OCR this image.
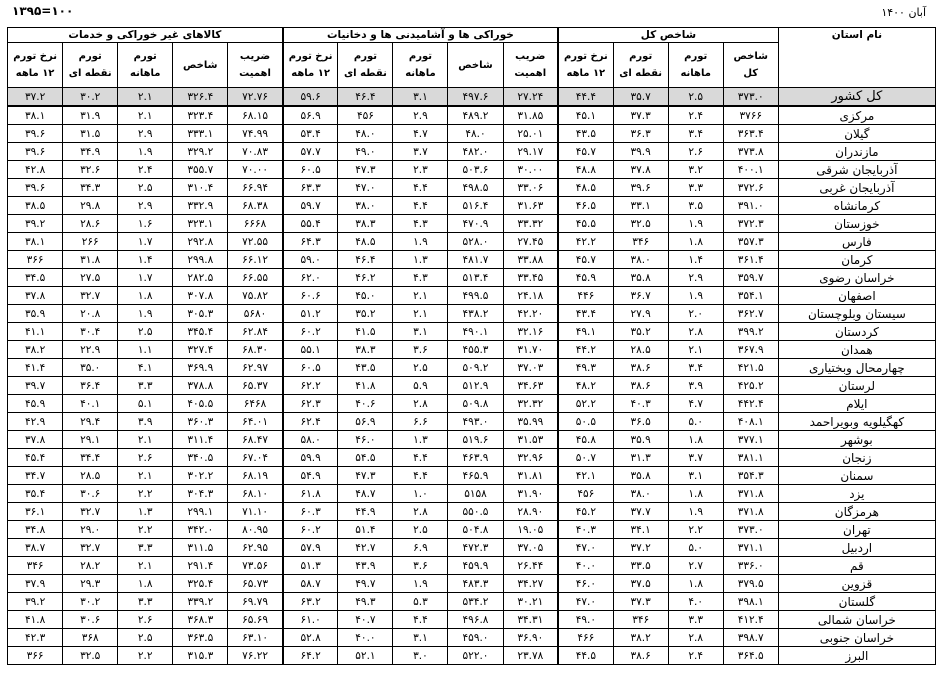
آبان ۱۴۰۰
۱۳۹۵=۱۰۰
نام استان	شاخص کل				خوراکی ها و آشامیدنی ها و دخانیات					کالاهای غیر خوراکی و خدمات				
	شاخص کل	تورم ماهانه	تورم نقطه ای	نرخ تورم ۱۲ ماهه	ضریب اهمیت	شاخص	تورم ماهانه	تورم نقطه ای	نرخ تورم ۱۲ ماهه	ضریب اهمیت	شاخص	تورم ماهانه	تورم نقطه ای	نرخ تورم ۱۲ ماهه
کل کشور	۳۷۳.۰	۲.۵	۳۵.۷	۴۴.۴	۲۷.۲۴	۴۹۷.۶	۳.۱	۴۶.۴	۵۹.۶	۷۲.۷۶	۳۲۶.۴	۲.۱	۳۰.۲	۳۷.۲
مرکزی	۳۷۶۶	۲.۴	۳۷.۳	۴۵.۱	۳۱.۸۵	۴۸۹.۲	۲.۹	۴۵۶	۵۶.۹	۶۸.۱۵	۳۲۳.۴	۲.۱	۳۱.۹	۳۸.۱
گیلان	۳۶۳.۴	۳.۴	۳۶.۳	۴۳.۵	۲۵.۰۱	۴۸.۰	۴.۷	۴۸.۰	۵۳.۴	۷۴.۹۹	۳۳۳.۱	۲.۹	۳۱.۵	۳۹.۶
مازندران	۳۷۳.۸	۲.۶	۳۹.۹	۴۵.۷	۲۹.۱۷	۴۸۲.۰	۳.۷	۴۹.۰	۵۷.۷	۷۰.۸۳	۳۲۹.۲	۱.۹	۳۴.۹	۳۹.۶
آذربایجان شرقی	۴۰۰.۱	۳.۲	۳۷.۸	۴۸.۸	۳۰.۰۰	۵۰۳.۶	۲.۳	۴۷.۳	۶۰.۵	۷۰.۰۰	۳۵۵.۷	۲.۴	۳۲.۶	۴۲.۸
آذربایجان غربی	۳۷۲.۶	۳.۳	۳۹.۶	۴۸.۵	۳۳.۰۶	۴۹۸.۵	۴.۴	۴۷.۰	۶۳.۳	۶۶.۹۴	۳۱۰.۴	۲.۵	۳۴.۳	۳۹.۶
کرمانشاه	۳۹۱.۰	۳.۵	۳۳.۱	۴۶.۵	۳۱.۶۳	۵۱۶.۴	۴.۴	۳۸.۰	۵۹.۷	۶۸.۳۸	۳۳۲.۹	۲.۹	۲۹.۸	۳۸.۵
خوزستان	۳۷۲.۳	۱.۹	۳۲.۵	۴۵.۵	۳۳.۳۲	۴۷۰.۹	۴.۳	۳۸.۳	۵۵.۴	۶۶۶۸	۳۲۳.۱	۱.۶	۲۸.۶	۳۹.۲
فارس	۳۵۷.۳	۱.۸	۳۴۶	۴۲.۲	۲۷.۴۵	۵۲۸.۰	۱.۹	۴۸.۵	۶۴.۳	۷۲.۵۵	۲۹۲.۸	۱.۷	۲۶۶	۳۸.۱
کرمان	۳۶۱.۴	۱.۴	۳۸.۰	۴۵.۷	۳۳.۸۸	۴۸۱.۷	۱.۳	۴۶.۴	۵۹.۰	۶۶.۱۲	۲۹۹.۸	۱.۴	۳۱.۸	۳۶۶
خراسان رضوی	۳۵۹.۷	۲.۹	۳۵.۸	۴۵.۹	۳۳.۴۵	۵۱۳.۴	۴.۳	۴۶.۲	۶۲.۰	۶۶.۵۵	۲۸۲.۵	۱.۷	۲۷.۵	۳۴.۵
اصفهان	۳۵۴.۱	۱.۹	۳۶.۷	۴۴۶	۲۴.۱۸	۴۹۹.۵	۲.۱	۴۵.۰	۶۰.۶	۷۵.۸۲	۳۰۷.۸	۱.۸	۳۲.۷	۳۷.۸
سیستان وبلوچستان	۳۶۲.۷	۲.۰	۲۷.۹	۴۳.۴	۴۲.۲۰	۴۳۸.۲	۲.۱	۳۵.۲	۵۱.۲	۵۶۸۰	۳۰۵.۳	۱.۹	۲۰.۸	۳۵.۹
کردستان	۳۹۹.۲	۲.۸	۳۵.۲	۴۹.۱	۳۲.۱۶	۴۹۰.۱	۳.۱	۴۱.۵	۶۰.۲	۶۲.۸۴	۳۴۵.۴	۲.۵	۳۰.۴	۴۱.۱
همدان	۳۶۷.۹	۲.۱	۲۸.۵	۴۴.۲	۳۱.۷۰	۴۵۵.۳	۳.۶	۳۸.۳	۵۵.۱	۶۸.۳۰	۳۲۷.۴	۱.۱	۲۲.۹	۳۸.۲
چهارمحال وبختیاری	۴۲۱.۵	۳.۴	۳۸.۶	۴۹.۳	۳۷.۰۳	۵۰۹.۲	۲.۵	۴۳.۵	۶۰.۵	۶۲.۹۷	۳۶۹.۹	۴.۱	۳۵.۰	۴۱.۴
لرستان	۴۲۵.۲	۳.۹	۳۸.۶	۴۸.۲	۳۴.۶۳	۵۱۲.۹	۵.۹	۴۱.۸	۶۲.۲	۶۵.۳۷	۳۷۸.۸	۳.۳	۳۶.۴	۳۹.۷
ایلام	۴۴۲.۴	۴.۷	۴۰.۳	۵۲.۲	۳۲.۳۲	۵۰۹.۸	۲.۸	۴۰.۶	۶۲.۳	۶۴۶۸	۴۰۵.۵	۵.۱	۴۰.۱	۴۵.۹
کهگیلویه وبویراحمد	۴۰۸.۱	۵.۰	۳۶.۵	۵۰.۵	۳۵.۹۹	۴۹۳.۰	۶.۶	۵۶.۹	۶۲.۴	۶۴.۰۱	۳۶۰.۳	۳.۹	۲۹.۴	۴۲.۹
بوشهر	۳۷۷.۱	۱.۸	۳۵.۹	۴۵.۸	۳۱.۵۳	۵۱۹.۶	۱.۳	۴۶.۰	۵۸.۰	۶۸.۴۷	۳۱۱.۴	۲.۱	۲۹.۱	۳۷.۸
زنجان	۳۸۱.۱	۳.۷	۳۱.۳	۵۰.۷	۳۲.۹۶	۴۶۳.۹	۴.۴	۵۴.۵	۵۹.۹	۶۷.۰۴	۳۴۰.۵	۲.۶	۳۴.۴	۴۵.۴
سمنان	۳۵۴.۳	۳.۱	۳۵.۸	۴۲.۱	۳۱.۸۱	۴۶۵.۹	۴.۴	۴۷.۳	۵۴.۹	۶۸.۱۹	۳۰۲.۲	۲.۱	۲۸.۵	۳۴.۷
یزد	۳۷۱.۸	۱.۸	۳۸.۰	۴۵۶	۳۱.۹۰	۵۱۵۸	۱.۰	۴۸.۷	۶۱.۸	۶۸.۱۰	۳۰۴.۳	۲.۲	۳۰.۶	۳۵.۴
هرمزگان	۳۷۱.۸	۱.۹	۳۷.۷	۴۵.۲	۲۸.۹۰	۵۵۰.۵	۲.۸	۴۴.۹	۶۰.۳	۷۱.۱۰	۲۹۹.۱	۱.۳	۳۲.۷	۳۶.۱
تهران	۳۷۳.۰	۲.۲	۳۴.۱	۴۰.۳	۱۹.۰۵	۵۰۴.۸	۲.۵	۵۱.۴	۶۰.۲	۸۰.۹۵	۳۴۲.۰	۲.۲	۲۹.۰	۳۴.۸
اردبیل	۳۷۱.۱	۵.۰	۳۷.۲	۴۷.۰	۳۷.۰۵	۴۷۲.۳	۶.۹	۴۲.۷	۵۷.۹	۶۲.۹۵	۳۱۱.۵	۳.۳	۳۲.۷	۳۸.۷
قم	۳۳۶.۰	۲.۷	۳۳.۵	۴۰.۰	۲۶.۴۴	۴۵۹.۹	۳.۶	۴۳.۹	۵۱.۳	۷۳.۵۶	۲۹۱.۴	۲.۱	۲۸.۲	۳۴۶
قزوین	۳۷۹.۵	۱.۸	۳۷.۵	۴۶.۰	۳۴.۲۷	۴۸۳.۳	۱.۹	۴۹.۷	۵۸.۷	۶۵.۷۳	۳۲۵.۴	۱.۸	۲۹.۳	۳۷.۹
گلستان	۳۹۸.۱	۴.۰	۳۷.۳	۴۷.۰	۳۰.۲۱	۵۳۴.۲	۵.۳	۴۹.۳	۶۳.۲	۶۹.۷۹	۳۳۹.۲	۳.۳	۳۰.۲	۳۹.۲
خراسان شمالی	۴۱۲.۴	۳.۳	۳۴۶	۴۹.۰	۳۴.۳۱	۴۹۶.۸	۴.۴	۴۰.۷	۶۱.۰	۶۵.۶۹	۳۶۸.۳	۲.۶	۳۰.۶	۴۱.۸
خراسان جنوبی	۳۹۸.۷	۲.۸	۳۸.۲	۴۶۶	۳۶.۹۰	۴۵۹.۰	۳.۱	۴۰.۰	۵۲.۸	۶۳.۱۰	۳۶۳.۵	۲.۵	۳۶۸	۴۲.۳
البرز	۳۶۴.۵	۲.۴	۳۸.۶	۴۴.۵	۲۳.۷۸	۵۲۲.۰	۳.۰	۵۲.۱	۶۴.۲	۷۶.۲۲	۳۱۵.۳	۲.۲	۳۲.۵	۳۶۶
